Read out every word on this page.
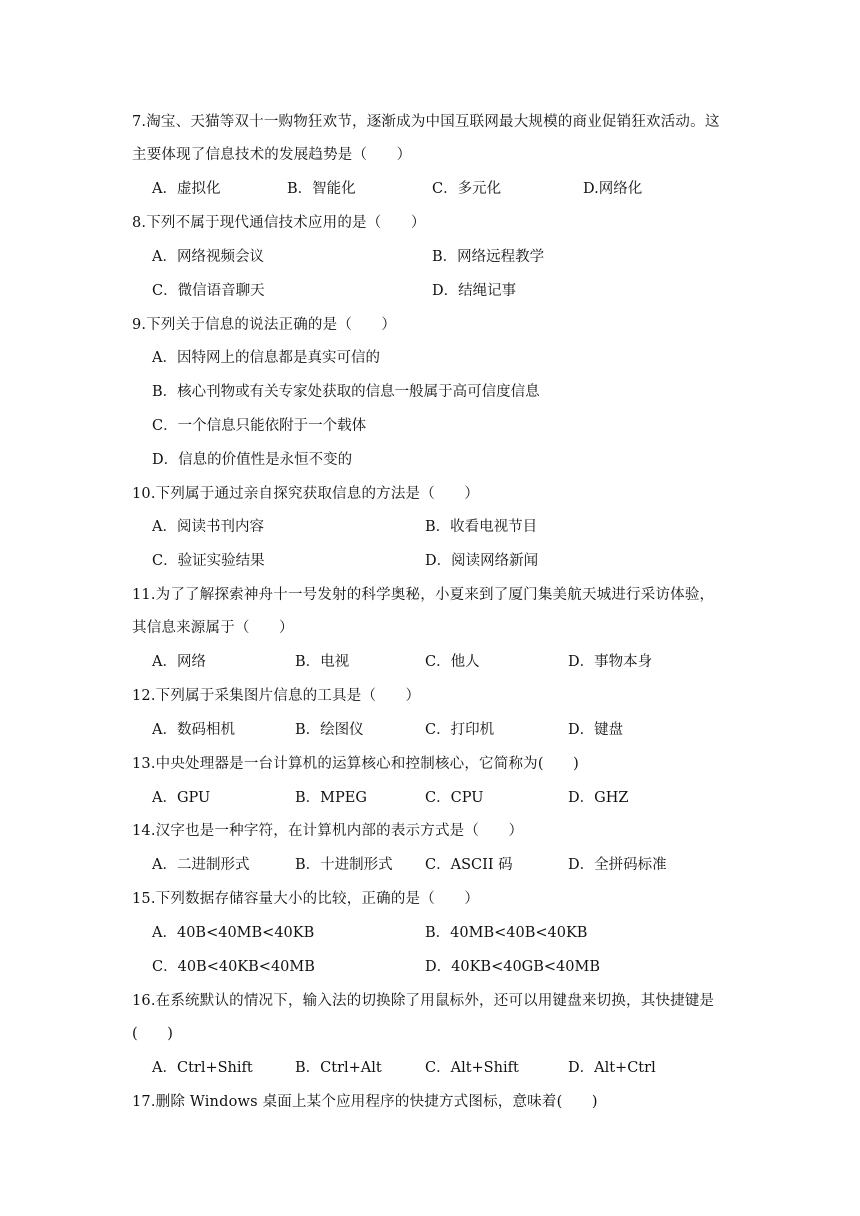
7.淘宝、天猫等双十一购物狂欢节，逐渐成为中国互联网最大规模的商业促销狂欢活动。这
主要体现了信息技术的发展趋势是（　　）
A．虚拟化	B．智能化	C．多元化	D.网络化
8.下列不属于现代通信技术应用的是（　　）
A．网络视频会议	B．网络远程教学
C．微信语音聊天	D．结绳记事
9.下列关于信息的说法正确的是（　　）
A．因特网上的信息都是真实可信的
B．核心刊物或有关专家处获取的信息一般属于高可信度信息
C．一个信息只能依附于一个载体
D．信息的价值性是永恒不变的
10.下列属于通过亲自探究获取信息的方法是（　　）
A．阅读书刊内容	B．收看电视节目
C．验证实验结果	D．阅读网络新闻
11.为了了解探索神舟十一号发射的科学奥秘，小夏来到了厦门集美航天城进行采访体验，
其信息来源属于（　　）
A．网络	B．电视	C．他人	D．事物本身
12.下列属于采集图片信息的工具是（　　）
A．数码相机	B．绘图仪	C．打印机	D．键盘
13.中央处理器是一台计算机的运算核心和控制核心，它简称为(　　)
A．GPU	B．MPEG	C．CPU	D．GHZ
14.汉字也是一种字符，在计算机内部的表示方式是（　　）
A．二进制形式	B．十进制形式 C．ASCII 码	D．全拼码标准
15.下列数据存储容量大小的比较，正确的是（　　）
A．40B<40MB<40KB	B．40MB<40B<40KB
C．40B<40KB<40MB	D．40KB<40GB<40MB
16.在系统默认的情况下，输入法的切换除了用鼠标外，还可以用键盘来切换，其快捷键是
(　　)
A．Ctrl+Shift	B．Ctrl+Alt	C．Alt+Shift	D．Alt+Ctrl
17.删除 Windows 桌面上某个应用程序的快捷方式图标，意味着(　　)
